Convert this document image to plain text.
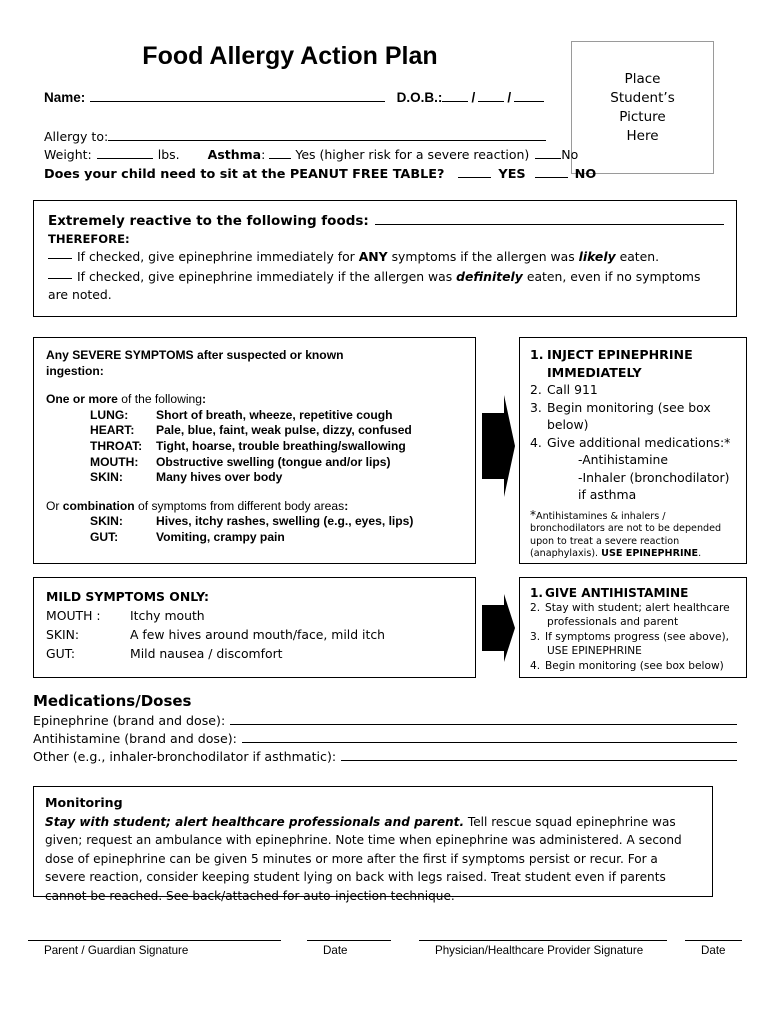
Food Allergy Action Plan
Place
Student’s
Picture
Here
Name:	D.O.B.: / /
Allergy to:
Weight:	lbs. Asthma : Yes (higher risk for a severe reaction)	No
Does your child need to sit at the PEANUT FREE TABLE?	YES	NO
Extremely reactive to the following foods:
THEREFORE:
If checked, give epinephrine immediately for ANY symptoms if the allergen was likely eaten.
If checked, give epinephrine immediately if the allergen was definitely eaten, even if no symptoms are noted.
Any SEVERE SYMPTOMS after suspected or known
ingestion:
One or more of the following:
LUNG:	Short of breath, wheeze, repetitive cough
HEART:	Pale, blue, faint, weak pulse, dizzy, confused
THROAT:	Tight, hoarse, trouble breathing/swallowing
MOUTH:	Obstructive swelling (tongue and/or lips)
SKIN:	Many hives over body
Or combination of symptoms from different body areas:
SKIN:	Hives, itchy rashes, swelling (e.g., eyes, lips)
GUT:	Vomiting, crampy pain
1. INJECT EPINEPHRINE
IMMEDIATELY
2. Call 911
3. Begin monitoring (see box below)
4. Give additional medications:*
-Antihistamine
-Inhaler (bronchodilator)
if asthma
*Antihistamines & inhalers / bronchodilators are not to be depended upon to treat a severe reaction (anaphylaxis). USE EPINEPHRINE.
MILD SYMPTOMS ONLY:
MOUTH :	Itchy mouth
SKIN:	A few hives around mouth/face, mild itch
GUT:	Mild nausea / discomfort
1. GIVE ANTIHISTAMINE
2. Stay with student; alert healthcare
professionals and parent
3. If symptoms progress (see above),
USE EPINEPHRINE
4. Begin monitoring (see box below)
Medications/Doses
Epinephrine (brand and dose):
Antihistamine (brand and dose):
Other (e.g., inhaler-bronchodilator if asthmatic):
Monitoring
Stay with student; alert healthcare professionals and parent. Tell rescue squad epinephrine was given; request an ambulance with epinephrine. Note time when epinephrine was administered. A second dose of epinephrine can be given 5 minutes or more after the first if symptoms persist or recur. For a severe reaction, consider keeping student lying on back with legs raised. Treat student even if parents cannot be reached. See back/attached for auto-injection technique.
Parent / Guardian Signature	Date	Physician/Healthcare Provider Signature	Date
